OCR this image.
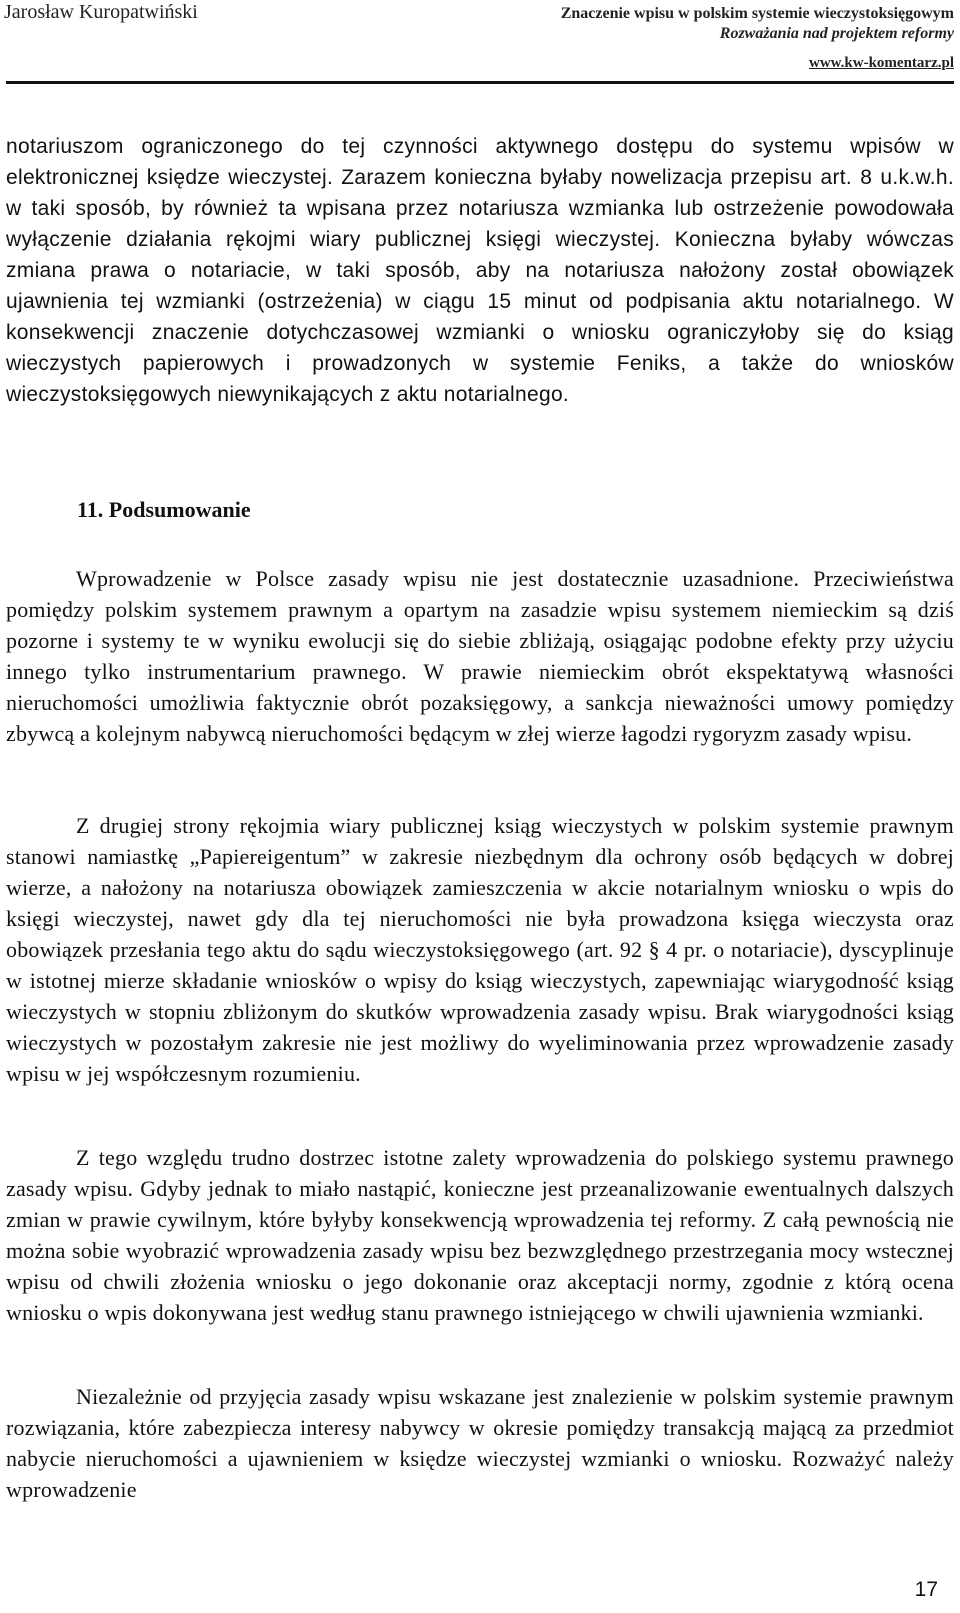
Jarosław Kuropatwiński	Znaczenie wpisu w polskim systemie wieczystoksięgowym
Rozważania nad projektem reformy
www.kw-komentarz.pl

notariuszom ograniczonego do tej czynności aktywnego dostępu do systemu wpisów w elektronicznej księdze wieczystej. Zarazem konieczna byłaby nowelizacja przepisu art. 8 u.k.w.h. w taki sposób, by również ta wpisana przez notariusza wzmianka lub ostrzeżenie powodowała wyłączenie działania rękojmi wiary publicznej księgi wieczystej. Konieczna byłaby wówczas zmiana prawa o notariacie, w taki sposób, aby na notariusza nałożony został obowiązek ujawnienia tej wzmianki (ostrzeżenia) w ciągu 15 minut od podpisania aktu notarialnego. W konsekwencji znaczenie dotychczasowej wzmianki o wniosku ograniczyłoby się do ksiąg wieczystych papierowych i prowadzonych w systemie Feniks, a także do wniosków wieczystoksięgowych niewynikających z aktu notarialnego.

11. Podsumowanie

Wprowadzenie w Polsce zasady wpisu nie jest dostatecznie uzasadnione. Przeciwieństwa pomiędzy polskim systemem prawnym a opartym na zasadzie wpisu systemem niemieckim są dziś pozorne i systemy te w wyniku ewolucji się do siebie zbliżają, osiągając podobne efekty przy użyciu innego tylko instrumentarium prawnego. W prawie niemieckim obrót ekspektatywą własności nieruchomości umożliwia faktycznie obrót pozaksięgowy, a sankcja nieważności umowy pomiędzy zbywcą a kolejnym nabywcą nieruchomości będącym w złej wierze łagodzi rygoryzm zasady wpisu.

Z drugiej strony rękojmia wiary publicznej ksiąg wieczystych w polskim systemie prawnym stanowi namiastkę „Papiereigentum” w zakresie niezbędnym dla ochrony osób będących w dobrej wierze, a nałożony na notariusza obowiązek zamieszczenia w akcie notarialnym wniosku o wpis do księgi wieczystej, nawet gdy dla tej nieruchomości nie była prowadzona księga wieczysta oraz obowiązek przesłania tego aktu do sądu wieczystoksięgowego (art. 92 § 4 pr. o notariacie), dyscyplinuje w istotnej mierze składanie wniosków o wpisy do ksiąg wieczystych, zapewniając wiarygodność ksiąg wieczystych w stopniu zbliżonym do skutków wprowadzenia zasady wpisu. Brak wiarygodności ksiąg wieczystych w pozostałym zakresie nie jest możliwy do wyeliminowania przez wprowadzenie zasady wpisu w jej współczesnym rozumieniu.

Z tego względu trudno dostrzec istotne zalety wprowadzenia do polskiego systemu prawnego zasady wpisu. Gdyby jednak to miało nastąpić, konieczne jest przeanalizowanie ewentualnych dalszych zmian w prawie cywilnym, które byłyby konsekwencją wprowadzenia tej reformy. Z całą pewnością nie można sobie wyobrazić wprowadzenia zasady wpisu bez bezwzględnego przestrzegania mocy wstecznej wpisu od chwili złożenia wniosku o jego dokonanie oraz akceptacji normy, zgodnie z którą ocena wniosku o wpis dokonywana jest według stanu prawnego istniejącego w chwili ujawnienia wzmianki.

Niezależnie od przyjęcia zasady wpisu wskazane jest znalezienie w polskim systemie prawnym rozwiązania, które zabezpiecza interesy nabywcy w okresie pomiędzy transakcją mającą za przedmiot nabycie nieruchomości a ujawnieniem w księdze wieczystej wzmianki o wniosku. Rozważyć należy wprowadzenie

17
